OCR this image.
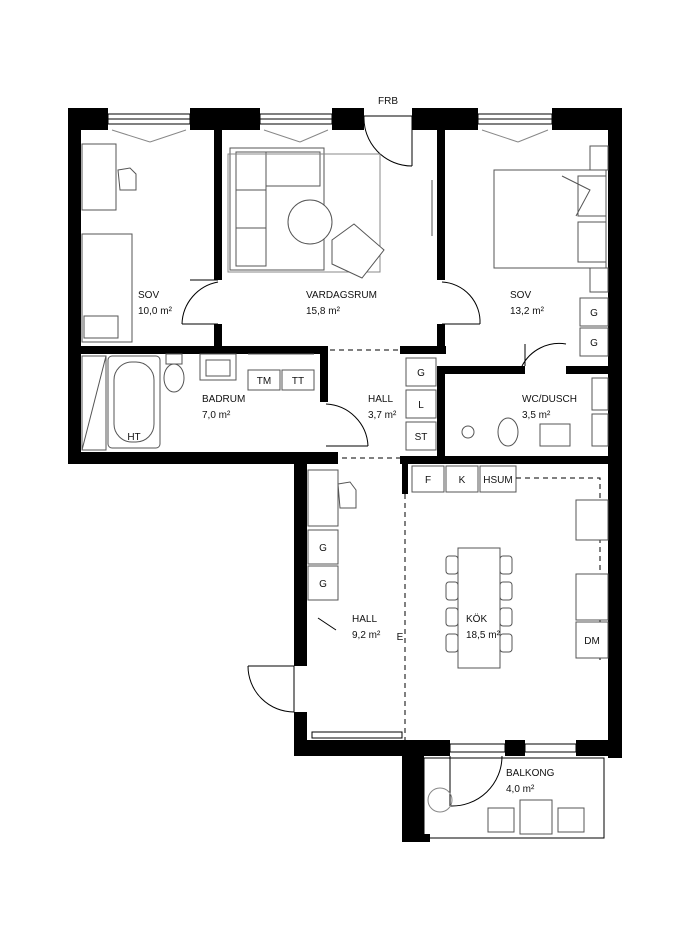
FRB
SOV
10,0 m²
VARDAGSRUM
15,8 m²
SOV
13,2 m²
BADRUM
7,0 m²
HALL
3,7 m²
WC/DUSCH
3,5 m²
HALL
9,2 m²
KÖK
18,5 m²
BALKONG
4,0 m²
TM TT
HT
G
L
ST
G
G
G
G
F	K HSUM
DM
E
